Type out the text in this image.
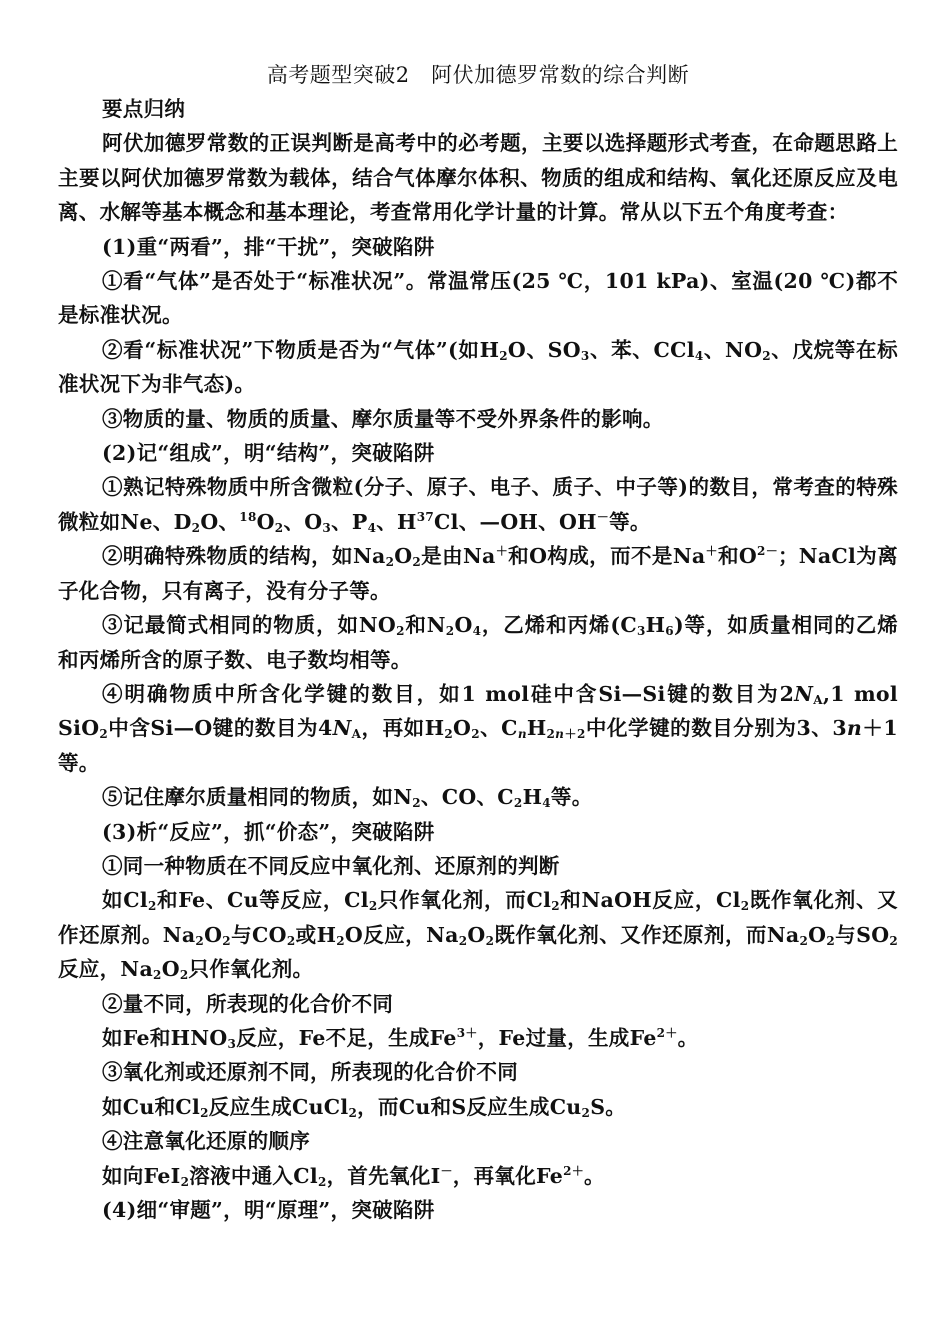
高考题型突破2　阿伏加德罗常数的综合判断

要点归纳

阿伏加德罗常数的正误判断是高考中的必考题，主要以选择题形式考查，在命题思路上主要以阿伏加德罗常数为载体，结合气体摩尔体积、物质的组成和结构、氧化还原反应及电离、水解等基本概念和基本理论，考查常用化学计量的计算。常从以下五个角度考查：

(1)重“两看”，排“干扰”，突破陷阱

①看“气体”是否处于“标准状况”。常温常压(25 ℃，101 kPa)、室温(20 ℃)都不是标准状况。

②看“标准状况”下物质是否为“气体”(如$H_2O$、$SO_3$、苯、CCl$_4$、$NO_2$、戊烷等在标准状况下为非气态)。

③物质的量、物质的质量、摩尔质量等不受外界条件的影响。

(2)记“组成”，明“结构”，突破陷阱

①熟记特殊物质中所含微粒(分子、原子、电子、质子、中子等)的数目，常考查的特殊微粒如Ne、$D_2O$、$^{18}O_2$、$O_3$、$P_4$、$H^{37}Cl$、—OH、OH－等。

②明确特殊物质的结构，如$Na_2O_2$是由Na＋和O构成，而不是Na＋和$O^{2-}$；NaCl为离子化合物，只有离子，没有分子等。

③记最简式相同的物质，如$NO_2$和$N_2O_4$，乙烯和丙烯$(C_3H_6)$等，如质量相同的乙烯和丙烯所含的原子数、电子数均相等。

④明确物质中所含化学键的数目，如1 mol硅中含Si—Si键的数目为$2N_A,1$ mol SiO$_2$中含Si—O键的数目为$4N_A$，再如$H_2O_2$、$C_nH_{2n+2}$中化学键的数目分别为3、3n＋1等。

⑤记住摩尔质量相同的物质，如$N_2$、CO、$C_2H_4$等。

(3)析“反应”，抓“价态”，突破陷阱

①同一种物质在不同反应中氧化剂、还原剂的判断

如$Cl_2$和Fe、Cu等反应，$Cl_2$只作氧化剂，而$Cl_2$和NaOH反应，$Cl_2$既作氧化剂、又作还原剂。$Na_2O_2$与$CO_2$或$H_2O$反应，$Na_2O_2$既作氧化剂、又作还原剂，而$Na_2O_2$与$SO_2$反应，$Na_2O_2$只作氧化剂。

②量不同，所表现的化合价不同

如Fe和$HNO_3$反应，Fe不足，生成$Fe^{3+}$，Fe过量，生成$Fe^{2+}$。

③氧化剂或还原剂不同，所表现的化合价不同

如Cu和$Cl_2$反应生成CuCl$_2$，而Cu和S反应生成$Cu_2S$。

④注意氧化还原的顺序

如向FeI$_2$溶液中通入$Cl_2$，首先氧化I－，再氧化$Fe^{2+}$。

(4)细“审题”，明“原理”，突破陷阱
